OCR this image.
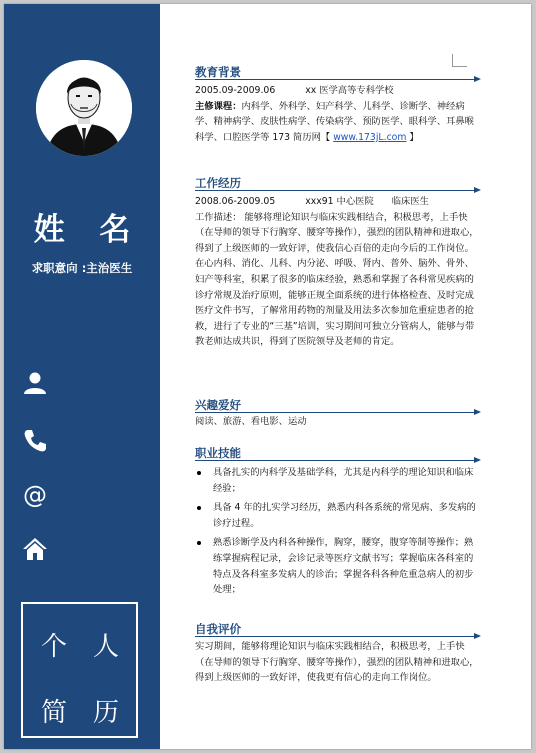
姓 名
求职意向 :主治医生
@
个 人
简 历
教育背景
2005.09-2009.06	xx 医学高等专科学校
主修课程：内科学、外科学、妇产科学、儿科学、诊断学、神经病学、精神病学、皮肤性病学、传染病学、预防医学、眼科学、耳鼻喉科学、口腔医学等 173 简历网【 www.173jL.com 】
工作经历
2008.06-2009.05	xxx91 中心医院 临床医生
工作描述： 能够将理论知识与临床实践相结合，积极思考，上手快（在导师的领导下行胸穿、腰穿等操作），强烈的团队精神和进取心，得到了上级医师的一致好评，使我信心百倍的走向今后的工作岗位。在心内科、消化、儿科、内分泌、呼吸、肾内、普外、脑外、骨外、妇产等科室，积累了很多的临床经验，熟悉和掌握了各科常见疾病的诊疗常规及治疗原则，能够正规全面系统的进行体格检查、及时完成医疗文件书写，了解常用药物的剂量及用法多次参加危重症患者的抢救，进行了专业的“三基”培训，实习期间可独立分管病人，能够与带教老师达成共识，得到了医院领导及老师的肯定。
兴趣爱好
阅读、旅游、看电影、运动
职业技能
具备扎实的内科学及基础学科，尤其是内科学的理论知识和临床经验；
具备 4 年的扎实学习经历，熟悉内科各系统的常见病、多发病的诊疗过程。
熟悉诊断学及内科各种操作，胸穿，腰穿，腹穿等制等操作；熟练掌握病程记录，会诊记录等医疗文献书写；掌握临床各科室的特点及各科室多发病人的诊治；掌握各科各种危重急病人的初步处理；
自我评价
实习期间，能够将理论知识与临床实践相结合，积极思考，上手快（在导师的领导下行胸穿、腰穿等操作），强烈的团队精神和进取心，得到上级医师的一致好评，使我更有信心的走向工作岗位。
